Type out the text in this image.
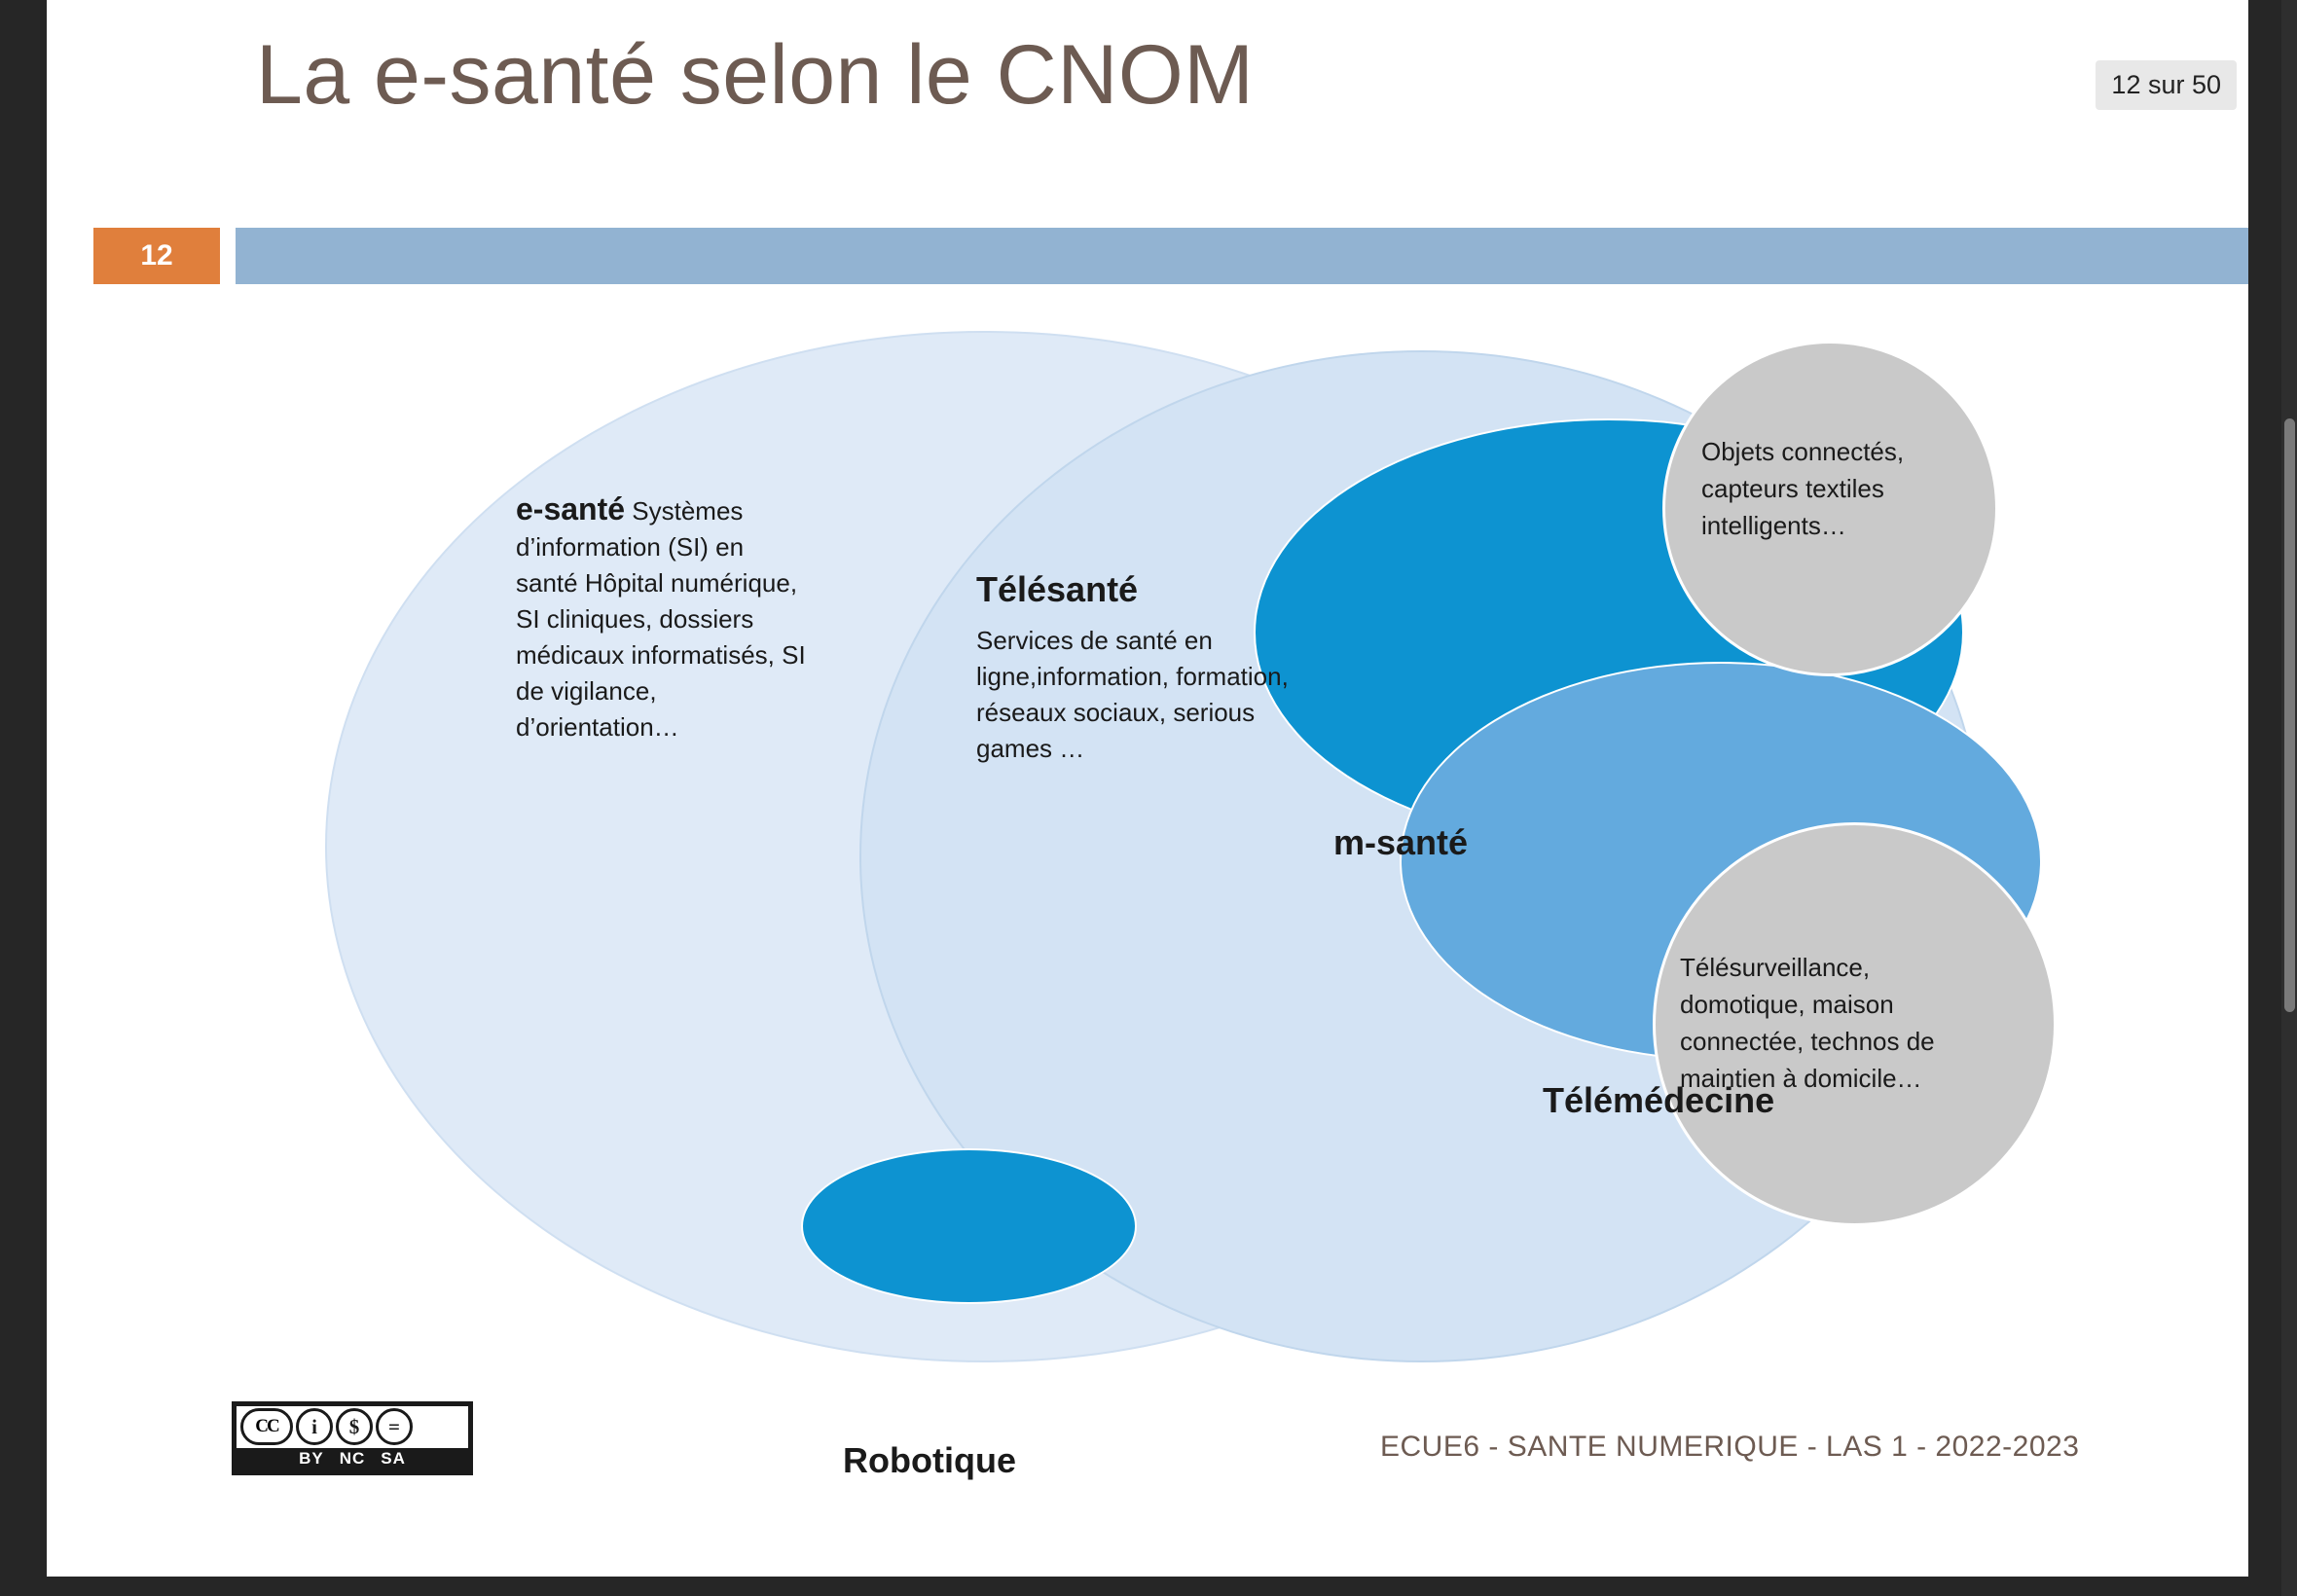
La e-santé selon le CNOM
12
e-santé Systèmes d’information (SI) en santé Hôpital numérique, SI cliniques, dossiers médicaux informatisés, SI de vigilance, d’orientation…
Télésanté
Services de santé en ligne,information, formation, réseaux sociaux, serious games …
m-santé
Télémédecine
Robotique
Objets connectés, capteurs textiles intelligents…
Télésurveillance, domotique, maison connectée, technos de maintien à domicile…
CC	i	$	=
BY NC SA	ECUE6 - SANTE NUMERIQUE - LAS 1 - 2022-2023
12 sur 50
